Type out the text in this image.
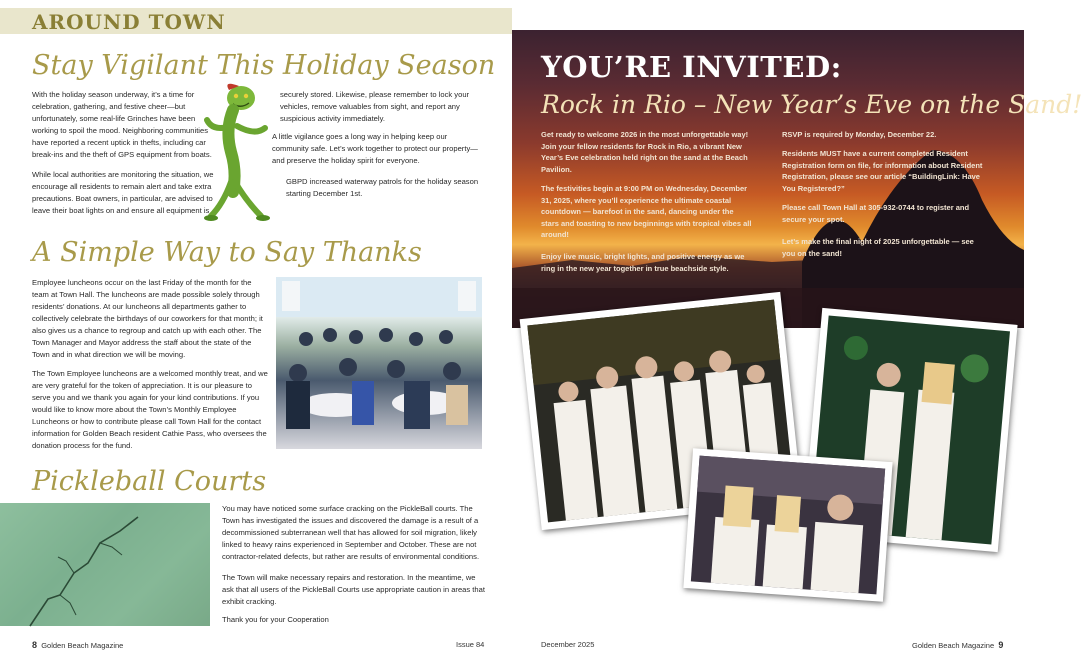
AROUND TOWN
Stay Vigilant This Holiday Season
With the holiday season underway, it’s a time for celebration, gathering, and festive cheer—but unfortunately, some real-life Grinches have been working to spoil the mood. Neighboring communities have reported a recent uptick in thefts, including car break-ins and the theft of GPS equipment from boats.
While local authorities are monitoring the situation, we encourage all residents to remain alert and take extra precautions. Boat owners, in particular, are advised to leave their boat lights on and ensure all equipment is
securely stored. Likewise, please remember to lock your vehicles, remove valuables from sight, and report any suspicious activity immediately.
A little vigilance goes a long way in helping keep our community safe. Let’s work together to protect our property—and preserve the holiday spirit for everyone.
GBPD increased waterway patrols for the holiday season starting December 1st.
A Simple Way to Say Thanks
Employee luncheons occur on the last Friday of the month for the team at Town Hall. The luncheons are made possible solely through residents’ donations. At our luncheons all departments gather to collectively celebrate the birthdays of our coworkers for that month; it also gives us a chance to regroup and catch up with each other. The Town Manager and Mayor address the staff about the state of the Town and in what direction we will be moving.
The Town Employee luncheons are a welcomed monthly treat, and we are very grateful for the token of appreciation. It is our pleasure to serve you and we thank you again for your kind contributions. If you would like to know more about the Town’s Monthly Employee Luncheons or how to contribute please call Town Hall for the contact information for Golden Beach resident Cathie Pass, who oversees the donation process for the fund.
Pickleball Courts
You may have noticed some surface cracking on the PickleBall courts. The Town has investigated the issues and discovered the damage is a result of a decommissioned subterranean well that has allowed for soil migration, likely linked to heavy rains experienced in September and October. These are not contractor-related defects, but rather are results of environmental conditions.
The Town will make necessary repairs and restoration. In the meantime, we ask that all users of the PickleBall Courts use appropriate caution in areas that exhibit cracking.
Thank you for your Cooperation
8 Golden Beach Magazine	Issue 84
YOU’RE INVITED:
Rock in Rio – New Year’s Eve on the Sand!
Get ready to welcome 2026 in the most unforgettable way! Join your fellow residents for Rock in Rio, a vibrant New Year’s Eve celebration held right on the sand at the Beach Pavilion.
The festivities begin at 9:00 PM on Wednesday, December 31, 2025, where you’ll experience the ultimate coastal countdown — barefoot in the sand, dancing under the stars and toasting to new beginnings with tropical vibes all around!
Enjoy live music, bright lights, and positive energy as we ring in the new year together in true beachside style.
RSVP is required by Monday, December 22.
Residents MUST have a current completed Resident Registration form on file, for information about Resident Registration, please see our article “BuildingLink: Have You Registered?”
Please call Town Hall at 305-932-0744 to register and secure your spot.
Let’s make the final night of 2025 unforgettable — see you on the sand!
December 2025	Golden Beach Magazine 9
